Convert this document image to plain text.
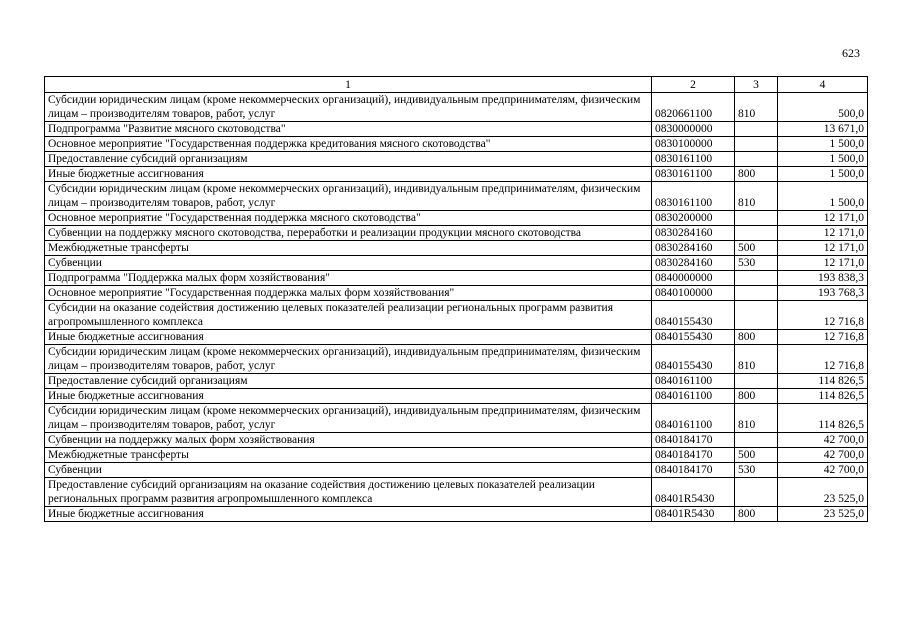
623
1	2	3	4
Субсидии юридическим лицам (кроме некоммерческих организаций), индивидуальным предпринимателям, физическим лицам – производителям товаров, работ, услуг	0820661100	810	500,0
Подпрограмма "Развитие мясного скотоводства"	0830000000		13 671,0
Основное мероприятие "Государственная поддержка кредитования мясного скотоводства"	0830100000		1 500,0
Предоставление субсидий организациям	0830161100		1 500,0
Иные бюджетные ассигнования	0830161100	800	1 500,0
Субсидии юридическим лицам (кроме некоммерческих организаций), индивидуальным предпринимателям, физическим лицам – производителям товаров, работ, услуг	0830161100	810	1 500,0
Основное мероприятие "Государственная поддержка мясного скотоводства"	0830200000		12 171,0
Субвенции на поддержку мясного скотоводства, переработки и реализации продукции мясного скотоводства	0830284160		12 171,0
Межбюджетные трансферты	0830284160	500	12 171,0
Субвенции	0830284160	530	12 171,0
Подпрограмма "Поддержка малых форм хозяйствования"	0840000000		193 838,3
Основное мероприятие "Государственная поддержка малых форм хозяйствования"	0840100000		193 768,3
Субсидии на оказание содействия достижению целевых показателей реализации региональных программ развития агропромышленного комплекса	0840155430		12 716,8
Иные бюджетные ассигнования	0840155430	800	12 716,8
Субсидии юридическим лицам (кроме некоммерческих организаций), индивидуальным предпринимателям, физическим лицам – производителям товаров, работ, услуг	0840155430	810	12 716,8
Предоставление субсидий организациям	0840161100		114 826,5
Иные бюджетные ассигнования	0840161100	800	114 826,5
Субсидии юридическим лицам (кроме некоммерческих организаций), индивидуальным предпринимателям, физическим лицам – производителям товаров, работ, услуг	0840161100	810	114 826,5
Субвенции на поддержку малых форм хозяйствования	0840184170		42 700,0
Межбюджетные трансферты	0840184170	500	42 700,0
Субвенции	0840184170	530	42 700,0
Предоставление субсидий организациям на оказание содействия достижению целевых показателей реализации региональных программ развития агропромышленного комплекса	08401R5430		23 525,0
Иные бюджетные ассигнования	08401R5430	800	23 525,0
